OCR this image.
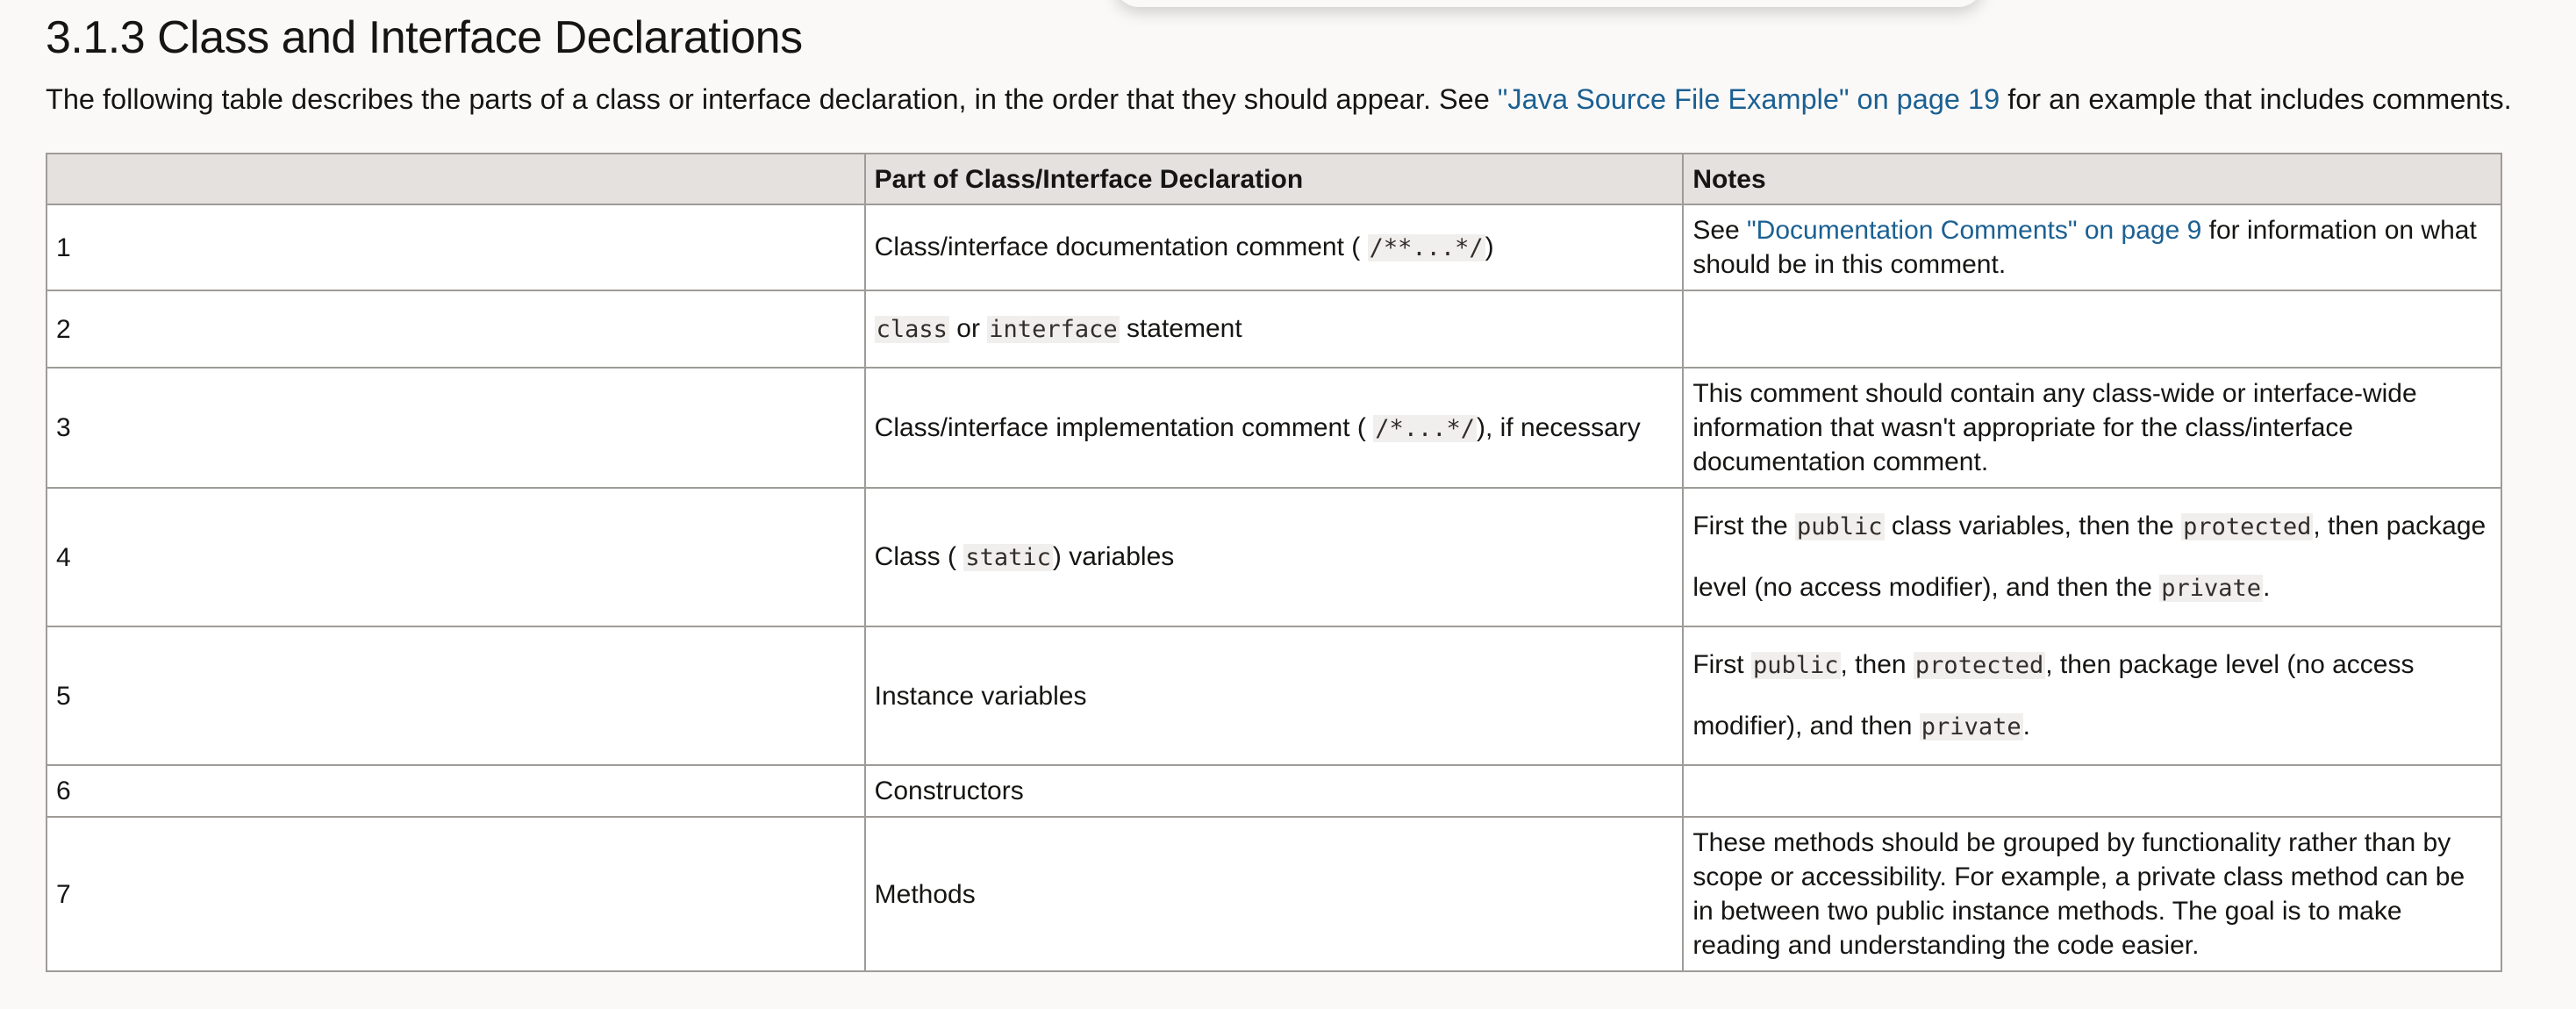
3.1.3 Class and Interface Declarations

The following table describes the parts of a class or interface declaration, in the order that they should appear. See "Java Source File Example" on page 19 for an example that includes comments.

	Part of Class/Interface Declaration	Notes
1	Class/interface documentation comment ( /**...*/)	See "Documentation Comments" on page 9 for information on what should be in this comment.
2	class or interface statement	
3	Class/interface implementation comment ( /*...*/), if necessary	This comment should contain any class-wide or interface-wide information that wasn't appropriate for the class/interface documentation comment.
4	Class ( static) variables	First the public class variables, then the protected, then package level (no access modifier), and then the private.
5	Instance variables	First public, then protected, then package level (no access modifier), and then private.
6	Constructors	
7	Methods	These methods should be grouped by functionality rather than by scope or accessibility. For example, a private class method can be in between two public instance methods. The goal is to make reading and understanding the code easier.
